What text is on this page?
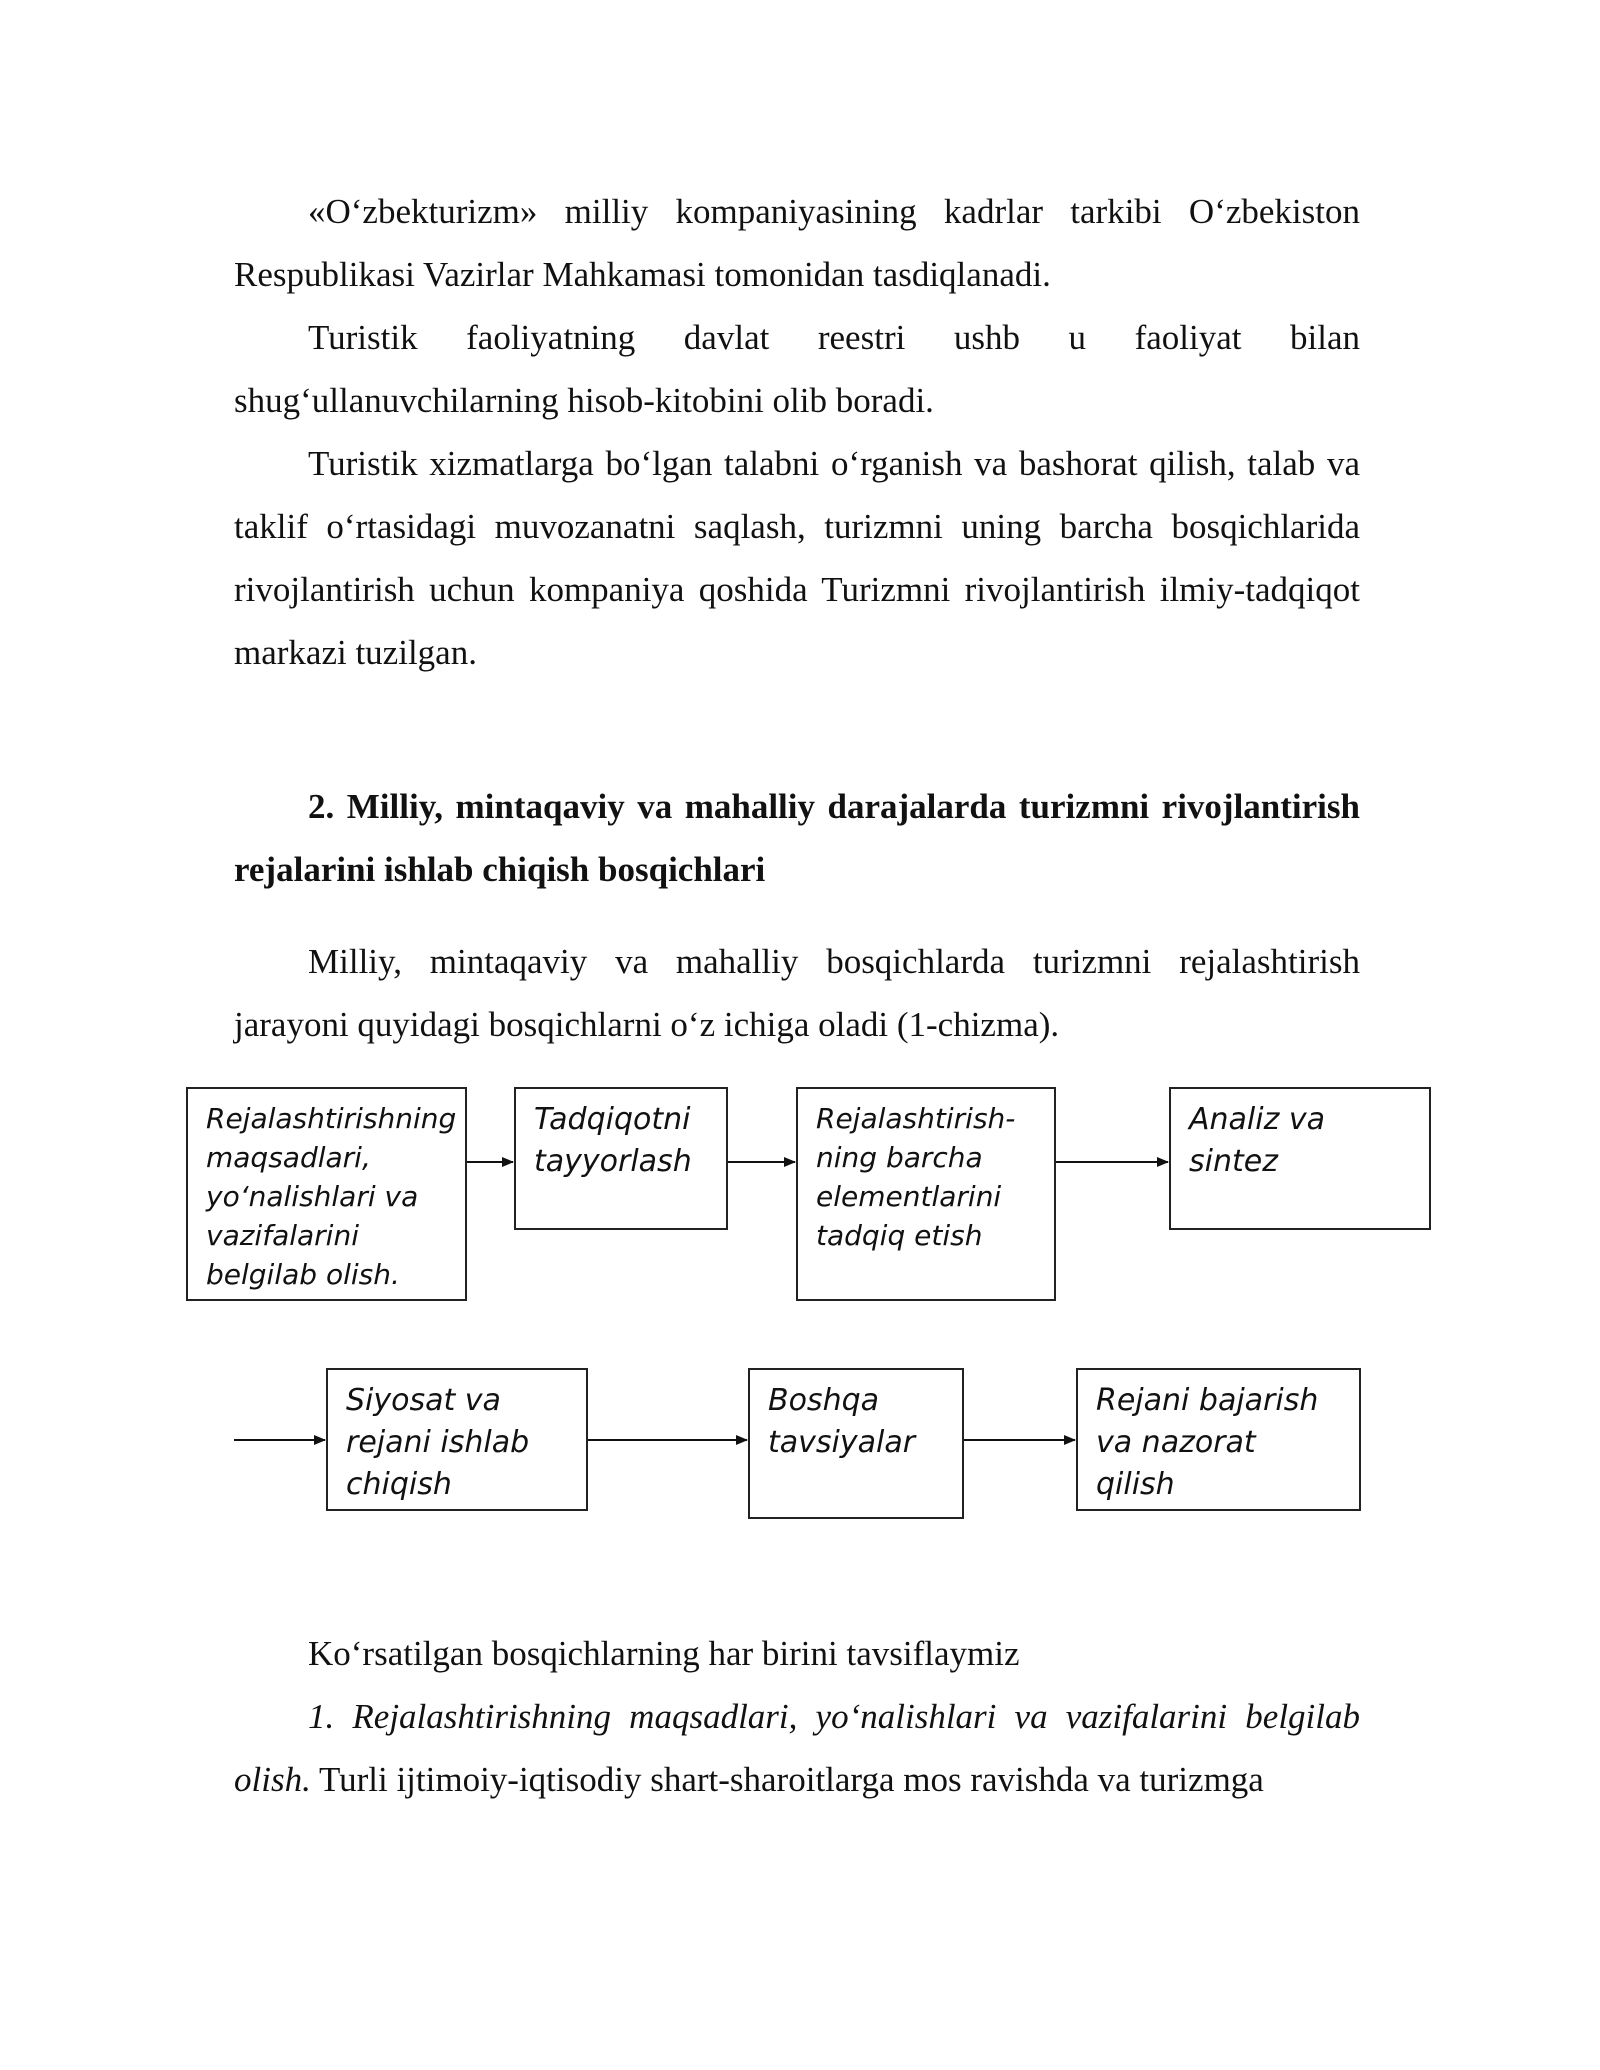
«O‘zbekturizm» milliy kompaniyasining kadrlar tarkibi O‘zbekiston Respublikasi Vazirlar Mahkamasi tomonidan tasdiqlanadi.

Turistik faoliyatning davlat reestri ushb u faoliyat bilan shug‘ullanuvchilarning hisob-kitobini olib boradi.

Turistik xizmatlarga bo‘lgan talabni o‘rganish va bashorat qilish, talab va taklif o‘rtasidagi muvozanatni saqlash, turizmni uning barcha bosqichlarida rivojlantirish uchun kompaniya qoshida Turizmni rivojlantirish ilmiy-tadqiqot markazi tuzilgan.

2. Milliy, mintaqaviy va mahalliy darajalarda turizmni rivojlantirish rejalarini ishlab chiqish bosqichlari

Milliy, mintaqaviy va mahalliy bosqichlarda turizmni rejalashtirish jarayoni quyidagi bosqichlarni o‘z ichiga oladi (1-chizma).

Rejalashtirishning
maqsadlari,
yo‘nalishlari va
vazifalarini
belgilab olish.
Tadqiqotni
tayyorlash
Rejalashtirish-
ning barcha
elementlarini
tadqiq etish
Analiz va sintez
Siyosat va
rejani ishlab
chiqish
Boshqa
tavsiyalar
Rejani bajarish
va nazorat qilish

Ko‘rsatilgan bosqichlarning har birini tavsiflaymiz

1. Rejalashtirishning maqsadlari, yo‘nalishlari va vazifalarini belgilab olish. Turli ijtimoiy-iqtisodiy shart-sharoitlarga mos ravishda va turizmga
